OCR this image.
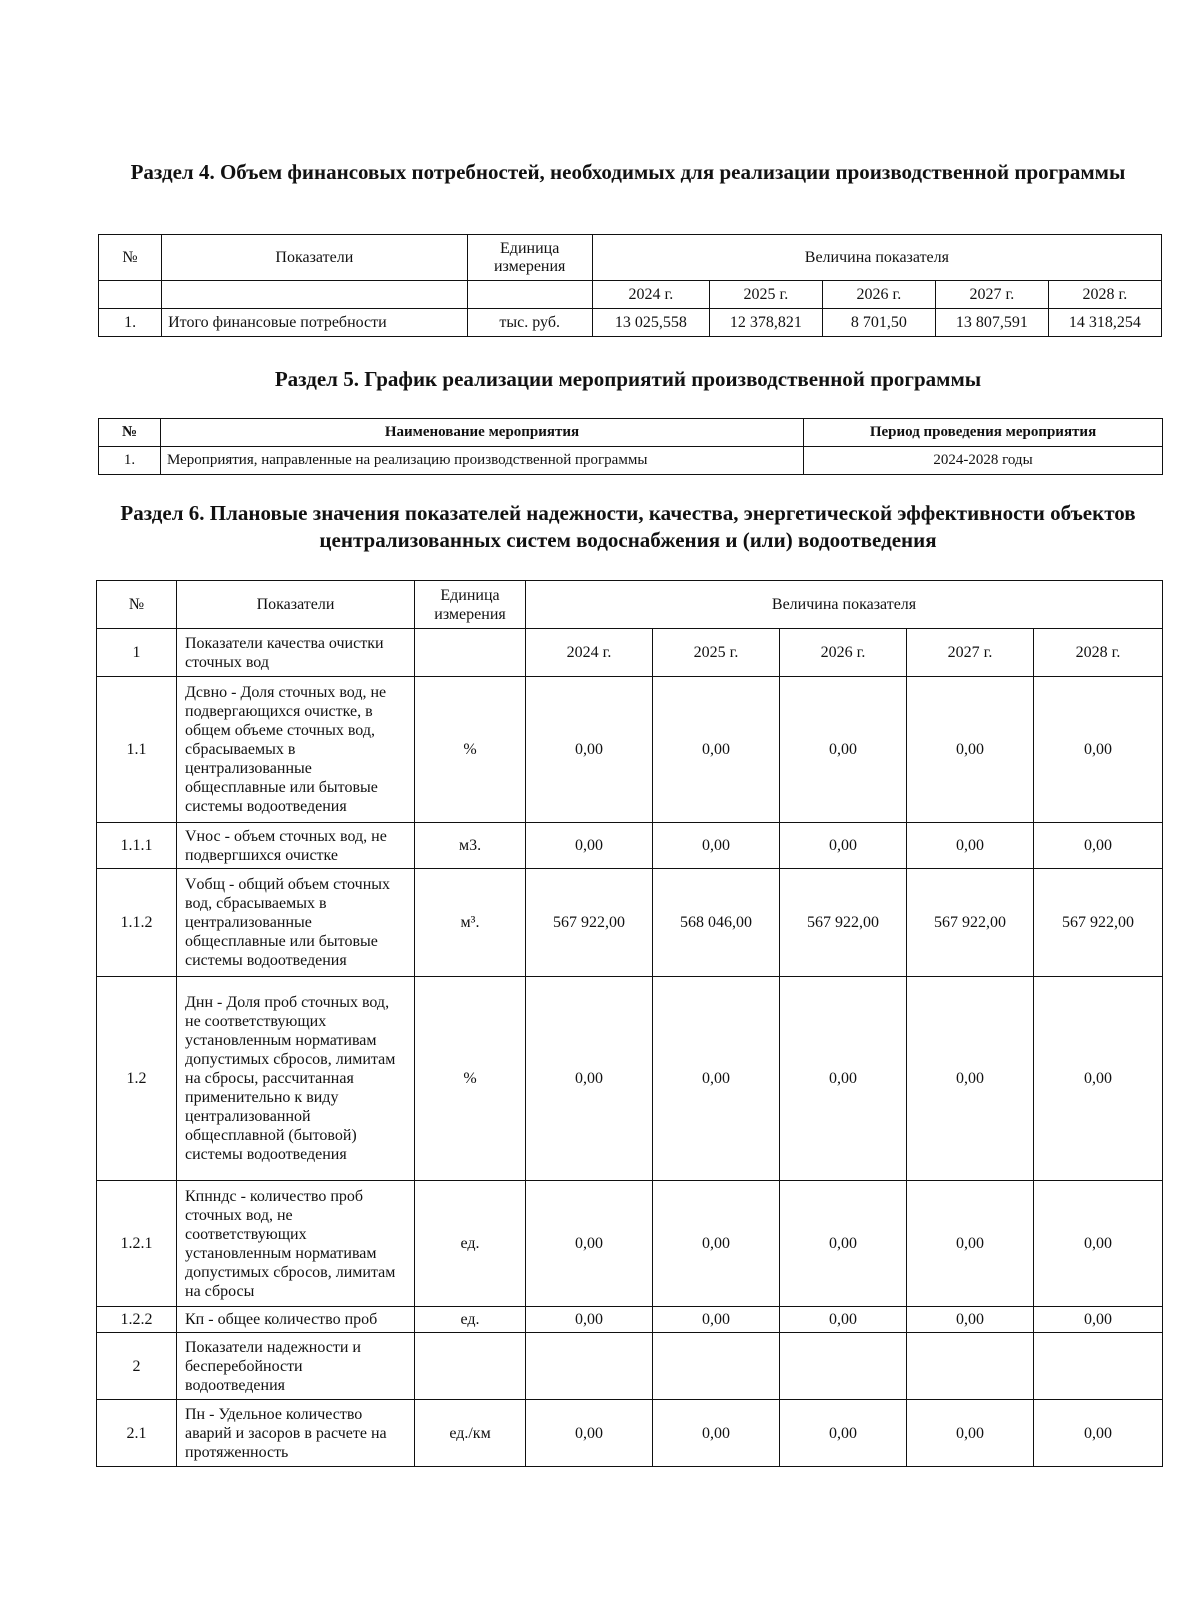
Раздел 4. Объем финансовых потребностей, необходимых для реализации производственной программы
№	Показатели	Единица измерения	Величина показателя				
			2024 г.	2025 г.	2026 г.	2027 г.	2028 г.
1.	Итого финансовые потребности	тыс. руб.	13 025,558	12 378,821	8 701,50	13 807,591	14 318,254
Раздел 5. График реализации мероприятий производственной программы
№	Наименование мероприятия	Период проведения мероприятия
1.	Мероприятия, направленные на реализацию производственной программы	2024-2028 годы
Раздел 6. Плановые значения показателей надежности, качества, энергетической эффективности объектов централизованных систем водоснабжения и (или) водоотведения
№	Показатели	Единица измерения	Величина показателя				
1	Показатели качества очистки сточных вод		2024 г.	2025 г.	2026 г.	2027 г.	2028 г.
1.1	Дсвно - Доля сточных вод, не подвергающихся очистке, в общем объеме сточных вод, сбрасываемых в централизованные общесплавные или бытовые системы водоотведения	%	0,00	0,00	0,00	0,00	0,00
1.1.1	Vнос - объем сточных вод, не подвергшихся очистке	м3.	0,00	0,00	0,00	0,00	0,00
1.1.2	Vобщ - общий объем сточных вод, сбрасываемых в централизованные общесплавные или бытовые системы водоотведения	м³.	567 922,00	568 046,00	567 922,00	567 922,00	567 922,00
1.2	Днн - Доля проб сточных вод, не соответствующих установленным нормативам допустимых сбросов, лимитам на сбросы, рассчитанная применительно к виду централизованной общесплавной (бытовой) системы водоотведения	%	0,00	0,00	0,00	0,00	0,00
1.2.1	Кпнндс - количество проб сточных вод, не соответствующих установленным нормативам допустимых сбросов, лимитам на сбросы	ед.	0,00	0,00	0,00	0,00	0,00
1.2.2	Кп - общее количество проб	ед.	0,00	0,00	0,00	0,00	0,00
2	Показатели надежности и бесперебойности водоотведения						
2.1	Пн - Удельное количество аварий и засоров в расчете на протяженность	ед./км	0,00	0,00	0,00	0,00	0,00
